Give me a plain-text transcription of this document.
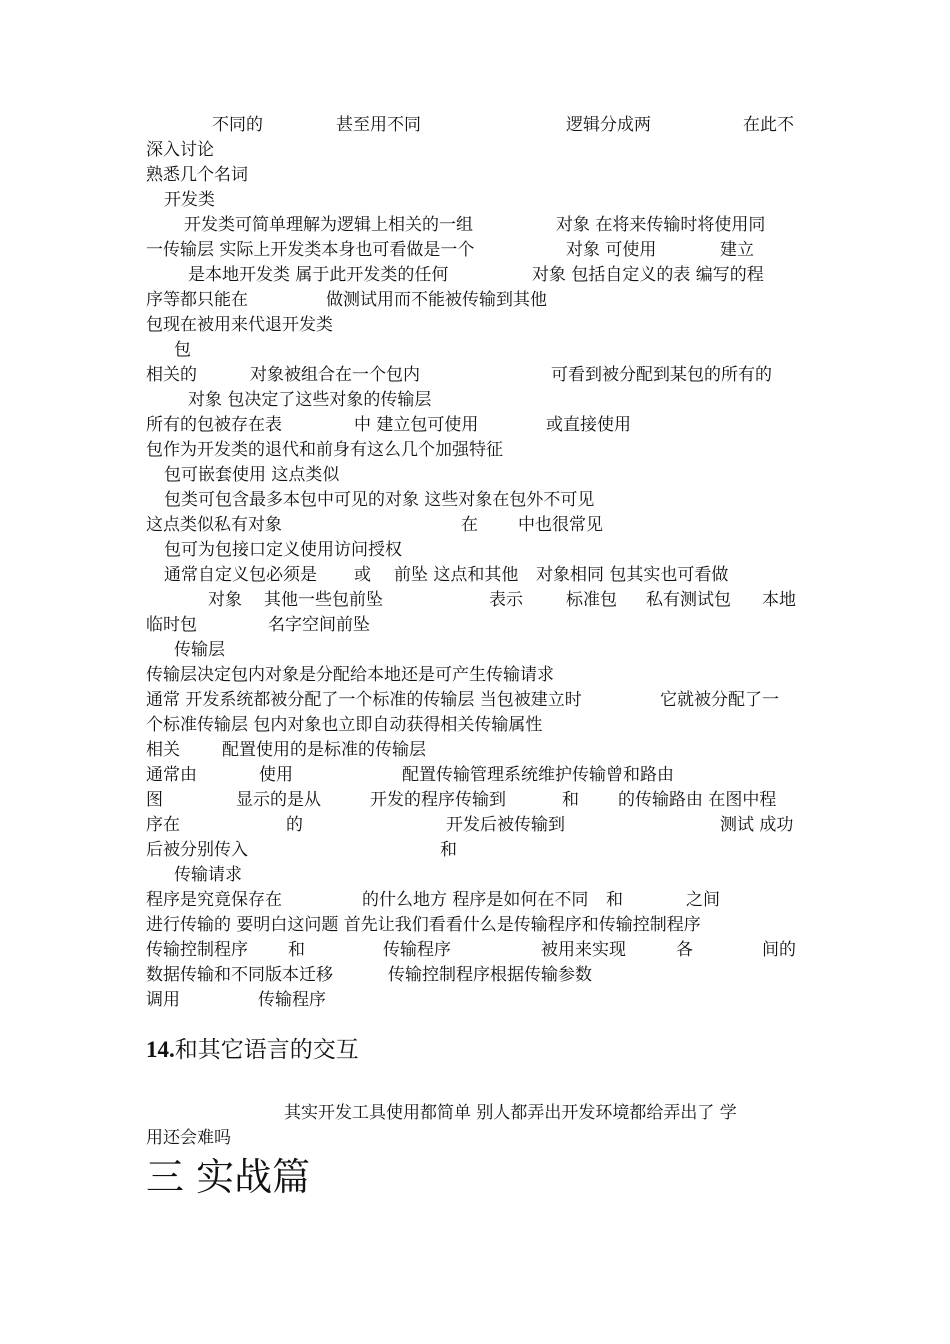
不同的	甚至用不同	逻辑分成两	在此不
深入讨论
熟悉几个名词
开发类
开发类可简单理解为逻辑上相关的一组	对象 在将来传输时将使用同
一传输层 实际上开发类本身也可看做是一个	对象 可使用	建立
是本地开发类 属于此开发类的任何	对象 包括自定义的表 编写的程
序等都只能在	做测试用而不能被传输到其他
包现在被用来代退开发类
包
相关的	对象被组合在一个包内	可看到被分配到某包的所有的
对象 包决定了这些对象的传输层
所有的包被存在表	中 建立包可使用	或直接使用
包作为开发类的退代和前身有这么几个加强特征
包可嵌套使用 这点类似
包类可包含最多本包中可见的对象 这些对象在包外不可见
这点类似私有对象	在 中也很常见
包可为包接口定义使用访问授权
通常自定义包必须是 或 前坠 这点和其他 对象相同 包其实也可看做
对象 其他一些包前坠	表示	标准包 私有测试包 本地
临时包	名字空间前坠
传输层
传输层决定包内对象是分配给本地还是可产生传输请求
通常 开发系统都被分配了一个标准的传输层 当包被建立时	它就被分配了一
个标准传输层 包内对象也立即自动获得相关传输属性
相关 配置使用的是标准的传输层
通常由	使用	配置传输管理系统维护传输曾和路由
图	显示的是从	开发的程序传输到	和 的传输路由 在图中程
序在	的	开发后被传输到	测试 成功
后被分别传入	和
传输请求
程序是究竟保存在	的什么地方 程序是如何在不同 和	之间
进行传输的 要明白这问题 首先让我们看看什么是传输程序和传输控制程序
传输控制程序 和	传输程序	被用来实现	各	间的
数据传输和不同版本迁移	传输控制程序根据传输参数
调用	传输程序
14.和其它语言的交互
其实开发工具使用都简单 别人都弄出开发环境都给弄出了 学
用还会难吗
三 实战篇
